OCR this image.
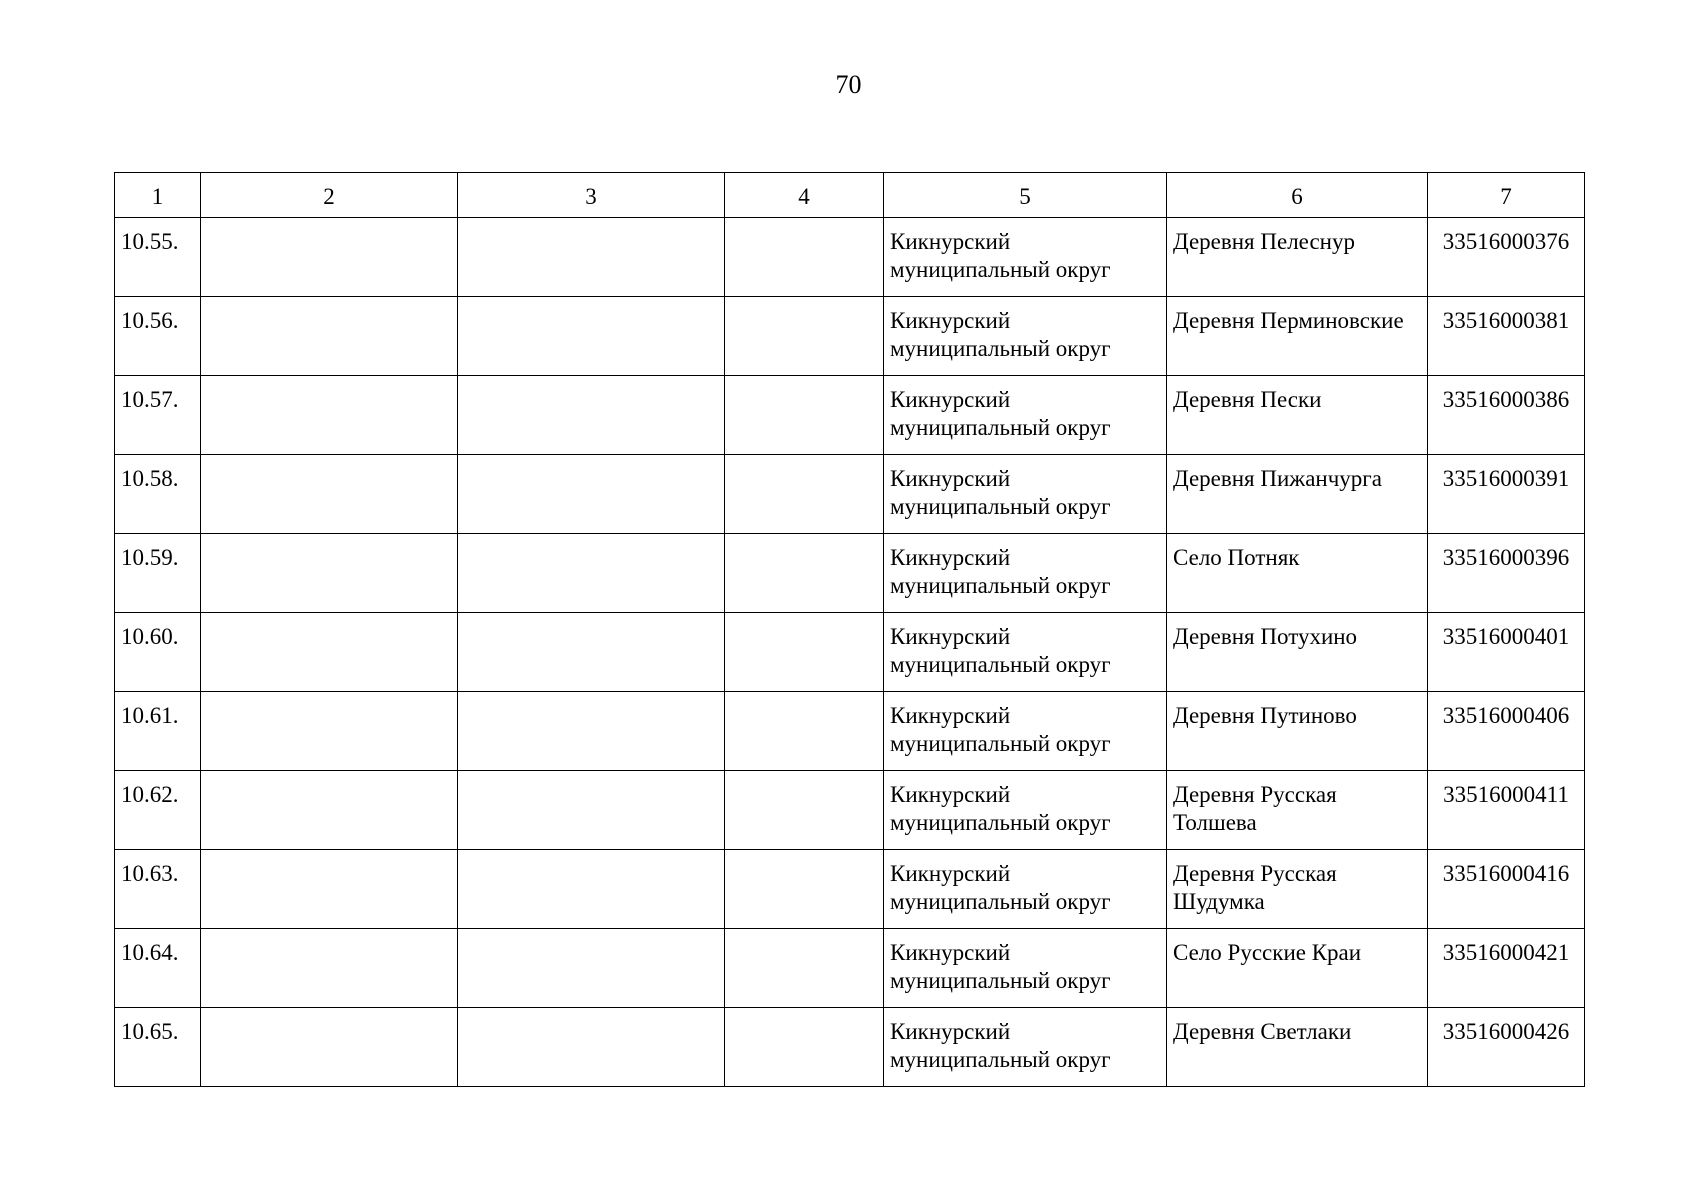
70
1	2	3	4	5	6	7
10.55.				Кикнурский муниципальный округ	Деревня Пелеснур	33516000376
10.56.				Кикнурский муниципальный округ	Деревня Перминовские	33516000381
10.57.				Кикнурский муниципальный округ	Деревня Пески	33516000386
10.58.				Кикнурский муниципальный округ	Деревня Пижанчурга	33516000391
10.59.				Кикнурский муниципальный округ	Село Потняк	33516000396
10.60.				Кикнурский муниципальный округ	Деревня Потухино	33516000401
10.61.				Кикнурский муниципальный округ	Деревня Путиново	33516000406
10.62.				Кикнурский муниципальный округ	Деревня Русская Толшева	33516000411
10.63.				Кикнурский муниципальный округ	Деревня Русская Шудумка	33516000416
10.64.				Кикнурский муниципальный округ	Село Русские Краи	33516000421
10.65.				Кикнурский муниципальный округ	Деревня Светлаки	33516000426
